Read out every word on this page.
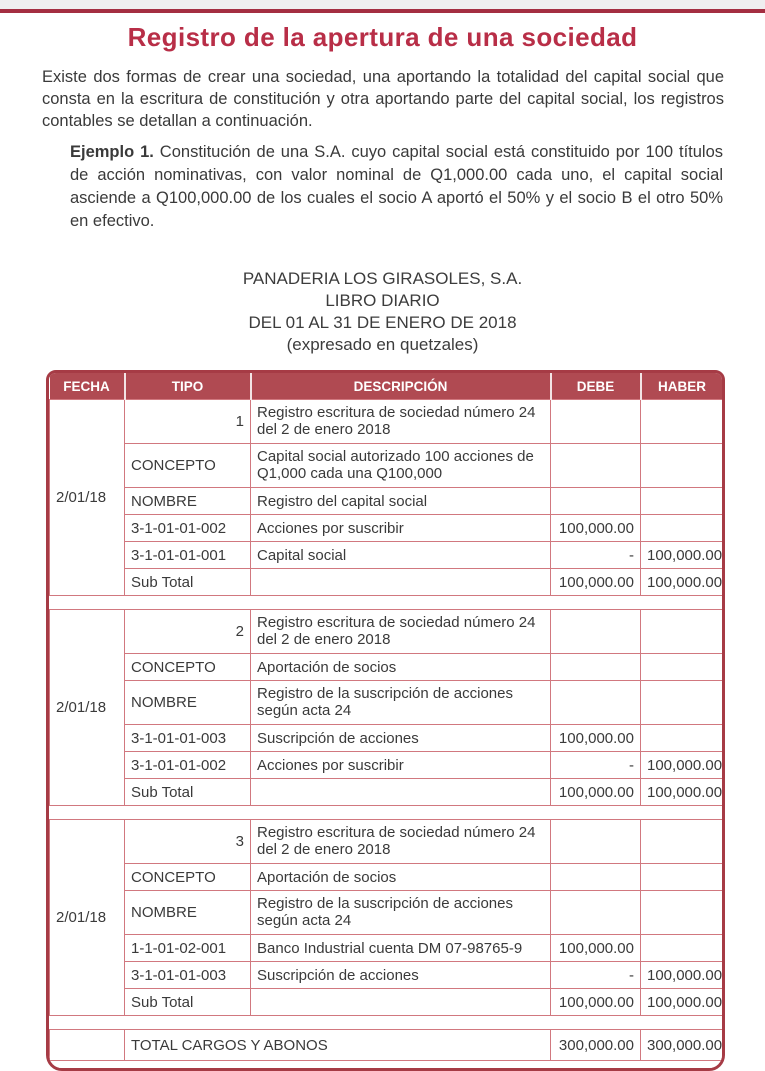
Registro de la apertura de una sociedad

Existe dos formas de crear una sociedad, una aportando la totalidad del capital social que consta en la escritura de constitución y otra aportando parte del capital social, los registros contables se detallan a continuación.

Ejemplo 1. Constitución de una S.A. cuyo capital social está constituido por 100 títulos de acción nominativas, con valor nominal de Q1,000.00 cada uno, el capital social asciende a Q100,000.00 de los cuales el socio A aportó el 50% y el socio B el otro 50% en efectivo.

PANADERIA LOS GIRASOLES, S.A.
LIBRO DIARIO
DEL 01 AL 31 DE ENERO DE 2018
(expresado en quetzales)
FECHA	TIPO	DESCRIPCIÓN	DEBE	HABER
2/01/18	1	Registro escritura de sociedad número 24 del 2 de enero 2018		
	CONCEPTO	Capital social autorizado 100 acciones de Q1,000 cada una Q100,000		
	NOMBRE	Registro del capital social		
	3-1-01-01-002	Acciones por suscribir	100,000.00	
	3-1-01-01-001	Capital social	-	100,000.00
	Sub Total		100,000.00	100,000.00

2/01/18	2	Registro escritura de sociedad número 24 del 2 de enero 2018		
	CONCEPTO	Aportación de socios		
	NOMBRE	Registro de la suscripción de acciones según acta 24		
	3-1-01-01-003	Suscripción de acciones	100,000.00	
	3-1-01-01-002	Acciones por suscribir	-	100,000.00
	Sub Total		100,000.00	100,000.00

2/01/18	3	Registro escritura de sociedad número 24 del 2 de enero 2018		
	CONCEPTO	Aportación de socios		
	NOMBRE	Registro de la suscripción de acciones según acta 24		
	1-1-01-02-001	Banco Industrial cuenta DM 07-98765-9	100,000.00	
	3-1-01-01-003	Suscripción de acciones	-	100,000.00
	Sub Total		100,000.00	100,000.00

	TOTAL CARGOS Y ABONOS		300,000.00	300,000.00
